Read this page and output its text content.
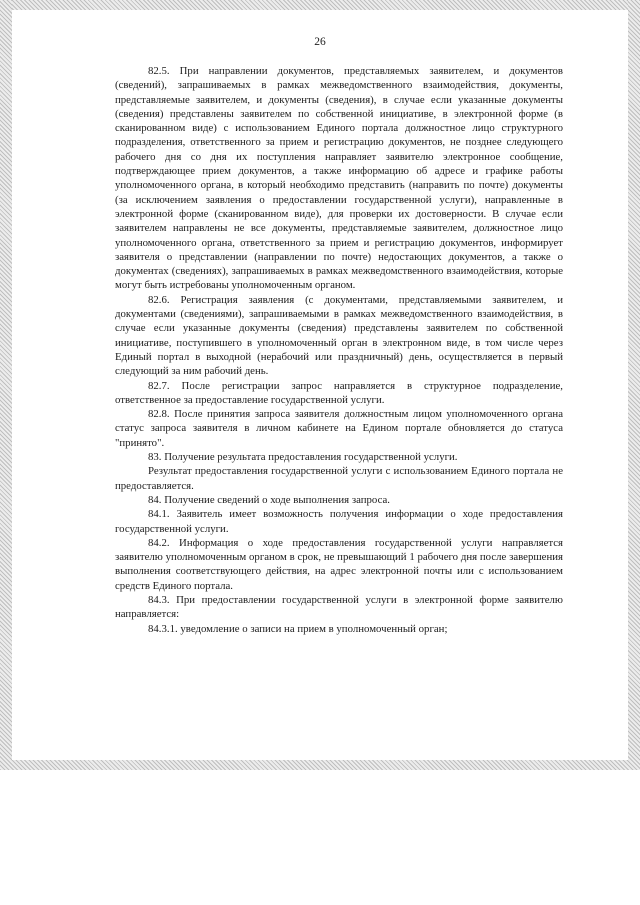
26

82.5. При направлении документов, представляемых заявителем, и документов (сведений), запрашиваемых в рамках межведомственного взаимодействия, документы, представляемые заявителем, и документы (сведения), в случае если указанные документы (сведения) представлены заявителем по собственной инициативе, в электронной форме (в сканированном виде) с использованием Единого портала должностное лицо структурного подразделения, ответственного за прием и регистрацию документов, не позднее следующего рабочего дня со дня их поступления направляет заявителю электронное сообщение, подтверждающее прием документов, а также информацию об адресе и графике работы уполномоченного органа, в который необходимо представить (направить по почте) документы (за исключением заявления о предоставлении государственной услуги), направленные в электронной форме (сканированном виде), для проверки их достоверности. В случае если заявителем направлены не все документы, представляемые заявителем, должностное лицо уполномоченного органа, ответственного за прием и регистрацию документов, информирует заявителя о представлении (направлении по почте) недостающих документов, а также о документах (сведениях), запрашиваемых в рамках межведомственного взаимодействия, которые могут быть истребованы уполномоченным органом.

82.6. Регистрация заявления (с документами, представляемыми заявителем, и документами (сведениями), запрашиваемыми в рамках межведомственного взаимодействия, в случае если указанные документы (сведения) представлены заявителем по собственной инициативе, поступившего в уполномоченный орган в электронном виде, в том числе через Единый портал в выходной (нерабочий или праздничный) день, осуществляется в первый следующий за ним рабочий день.

82.7. После регистрации запрос направляется в структурное подразделение, ответственное за предоставление государственной услуги.

82.8. После принятия запроса заявителя должностным лицом уполномоченного органа статус запроса заявителя в личном кабинете на Едином портале обновляется до статуса "принято".

83. Получение результата предоставления государственной услуги.

Результат предоставления государственной услуги с использованием Единого портала не предоставляется.

84. Получение сведений о ходе выполнения запроса.

84.1. Заявитель имеет возможность получения информации о ходе предоставления государственной услуги.

84.2. Информация о ходе предоставления государственной услуги направляется заявителю уполномоченным органом в срок, не превышающий 1 рабочего дня после завершения выполнения соответствующего действия, на адрес электронной почты или с использованием средств Единого портала.

84.3. При предоставлении государственной услуги в электронной форме заявителю направляется:

84.3.1. уведомление о записи на прием в уполномоченный орган;
